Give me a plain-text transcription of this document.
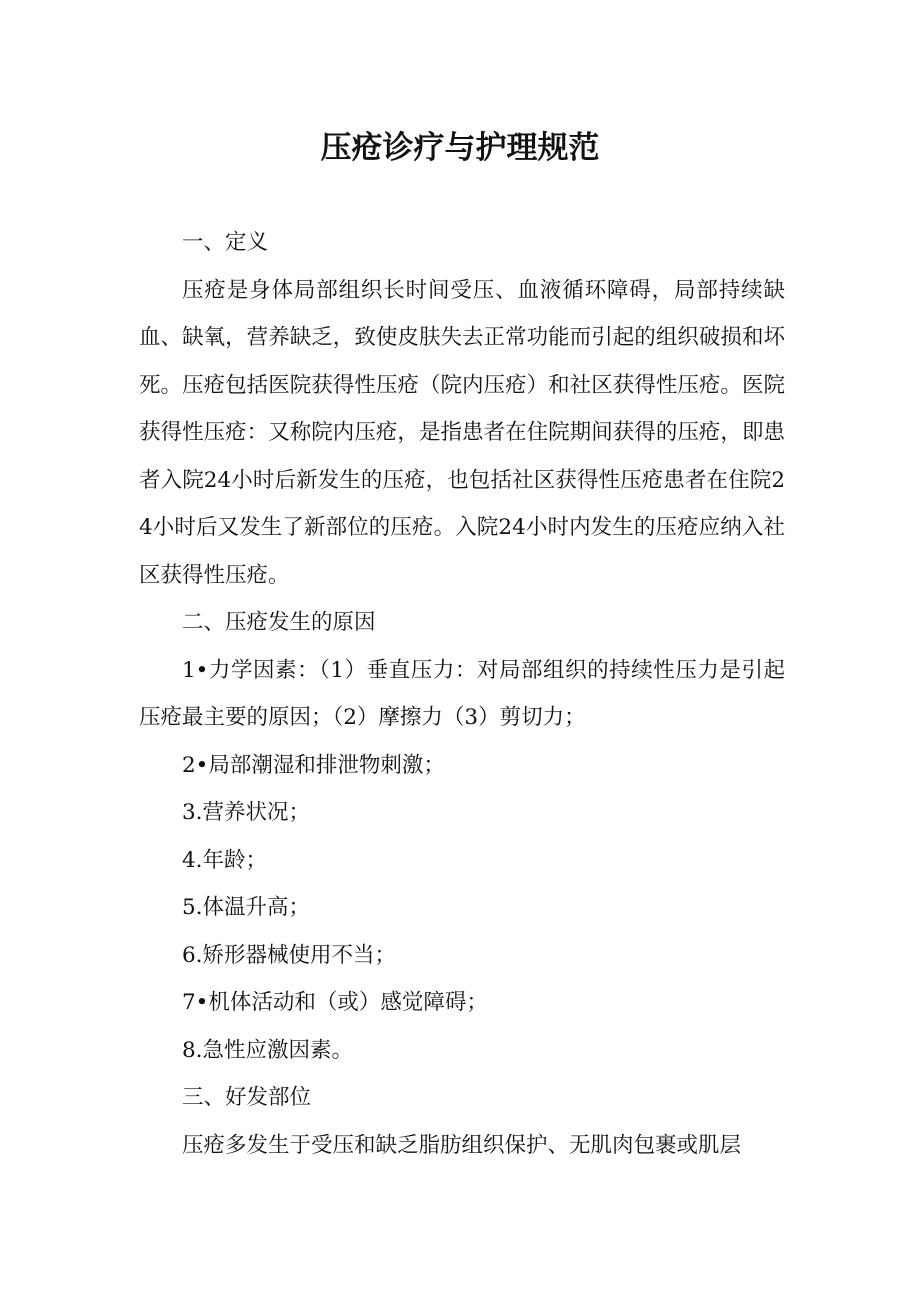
压疮诊疗与护理规范

一、定义

压疮是身体局部组织长时间受压、血液循环障碍，局部持续缺血、缺氧，营养缺乏，致使皮肤失去正常功能而引起的组织破损和坏死。压疮包括医院获得性压疮（院内压疮）和社区获得性压疮。医院获得性压疮：又称院内压疮，是指患者在住院期间获得的压疮，即患者入院24小时后新发生的压疮，也包括社区获得性压疮患者在住院24小时后又发生了新部位的压疮。入院24小时内发生的压疮应纳入社区获得性压疮。

二、压疮发生的原因

1•力学因素：（1）垂直压力：对局部组织的持续性压力是引起压疮最主要的原因；（2）摩擦力（3）剪切力；

2•局部潮湿和排泄物刺激；

3.营养状况；

4.年龄；

5.体温升高；

6.矫形器械使用不当；

7•机体活动和（或）感觉障碍；

8.急性应激因素。

三、好发部位

压疮多发生于受压和缺乏脂肪组织保护、无肌肉包裹或肌层
